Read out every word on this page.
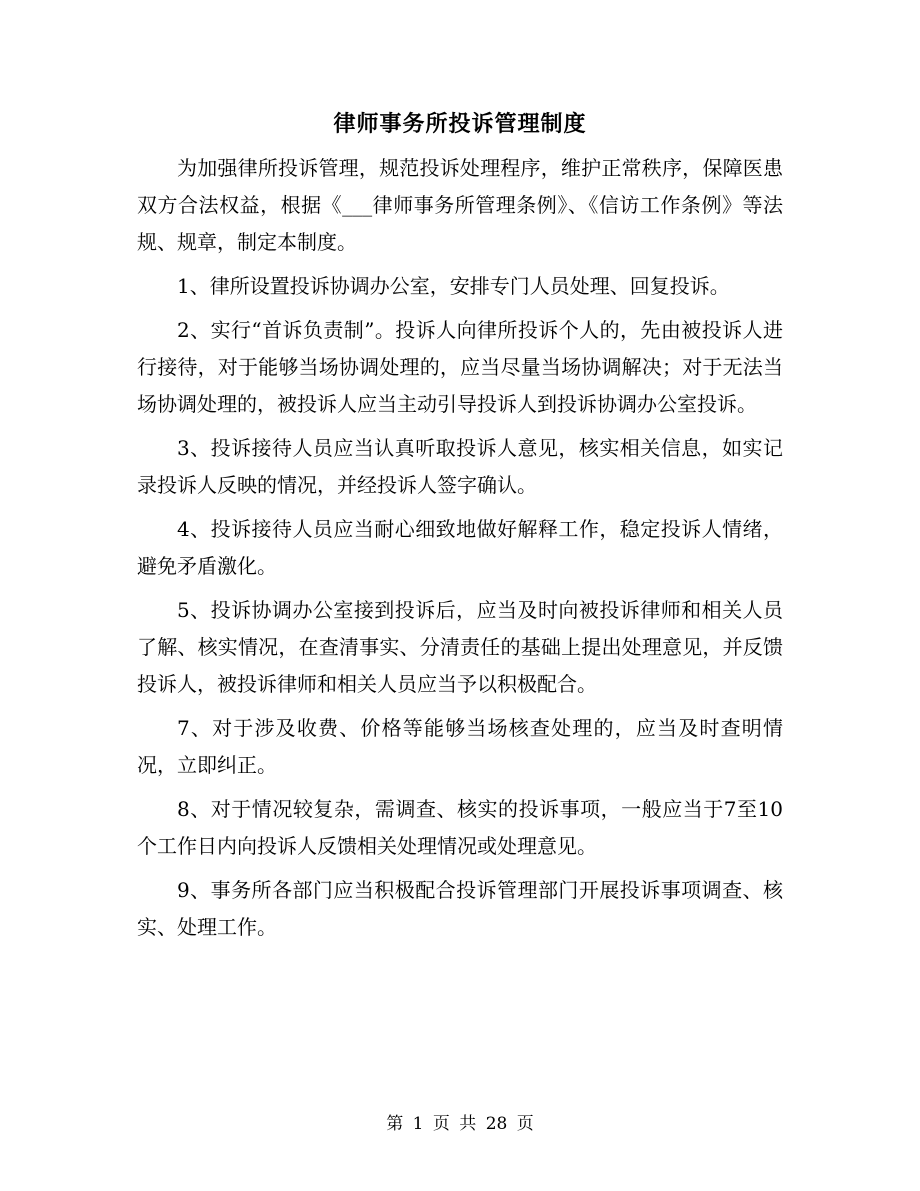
律师事务所投诉管理制度

为加强律所投诉管理，规范投诉处理程序，维护正常秩序，保障医患双方合法权益，根据《___律师事务所管理条例》、《信访工作条例》等法规、规章，制定本制度。

1、律所设置投诉协调办公室，安排专门人员处理、回复投诉。

2、实行“首诉负责制”。投诉人向律所投诉个人的，先由被投诉人进行接待，对于能够当场协调处理的，应当尽量当场协调解决；对于无法当场协调处理的，被投诉人应当主动引导投诉人到投诉协调办公室投诉。

3、投诉接待人员应当认真听取投诉人意见，核实相关信息，如实记录投诉人反映的情况，并经投诉人签字确认。

4、投诉接待人员应当耐心细致地做好解释工作，稳定投诉人情绪，避免矛盾激化。

5、投诉协调办公室接到投诉后，应当及时向被投诉律师和相关人员了解、核实情况，在查清事实、分清责任的基础上提出处理意见，并反馈投诉人，被投诉律师和相关人员应当予以积极配合。

7、对于涉及收费、价格等能够当场核查处理的，应当及时查明情况，立即纠正。

8、对于情况较复杂，需调查、核实的投诉事项，一般应当于7至10个工作日内向投诉人反馈相关处理情况或处理意见。

9、事务所各部门应当积极配合投诉管理部门开展投诉事项调查、核实、处理工作。

第 1 页 共 28 页
